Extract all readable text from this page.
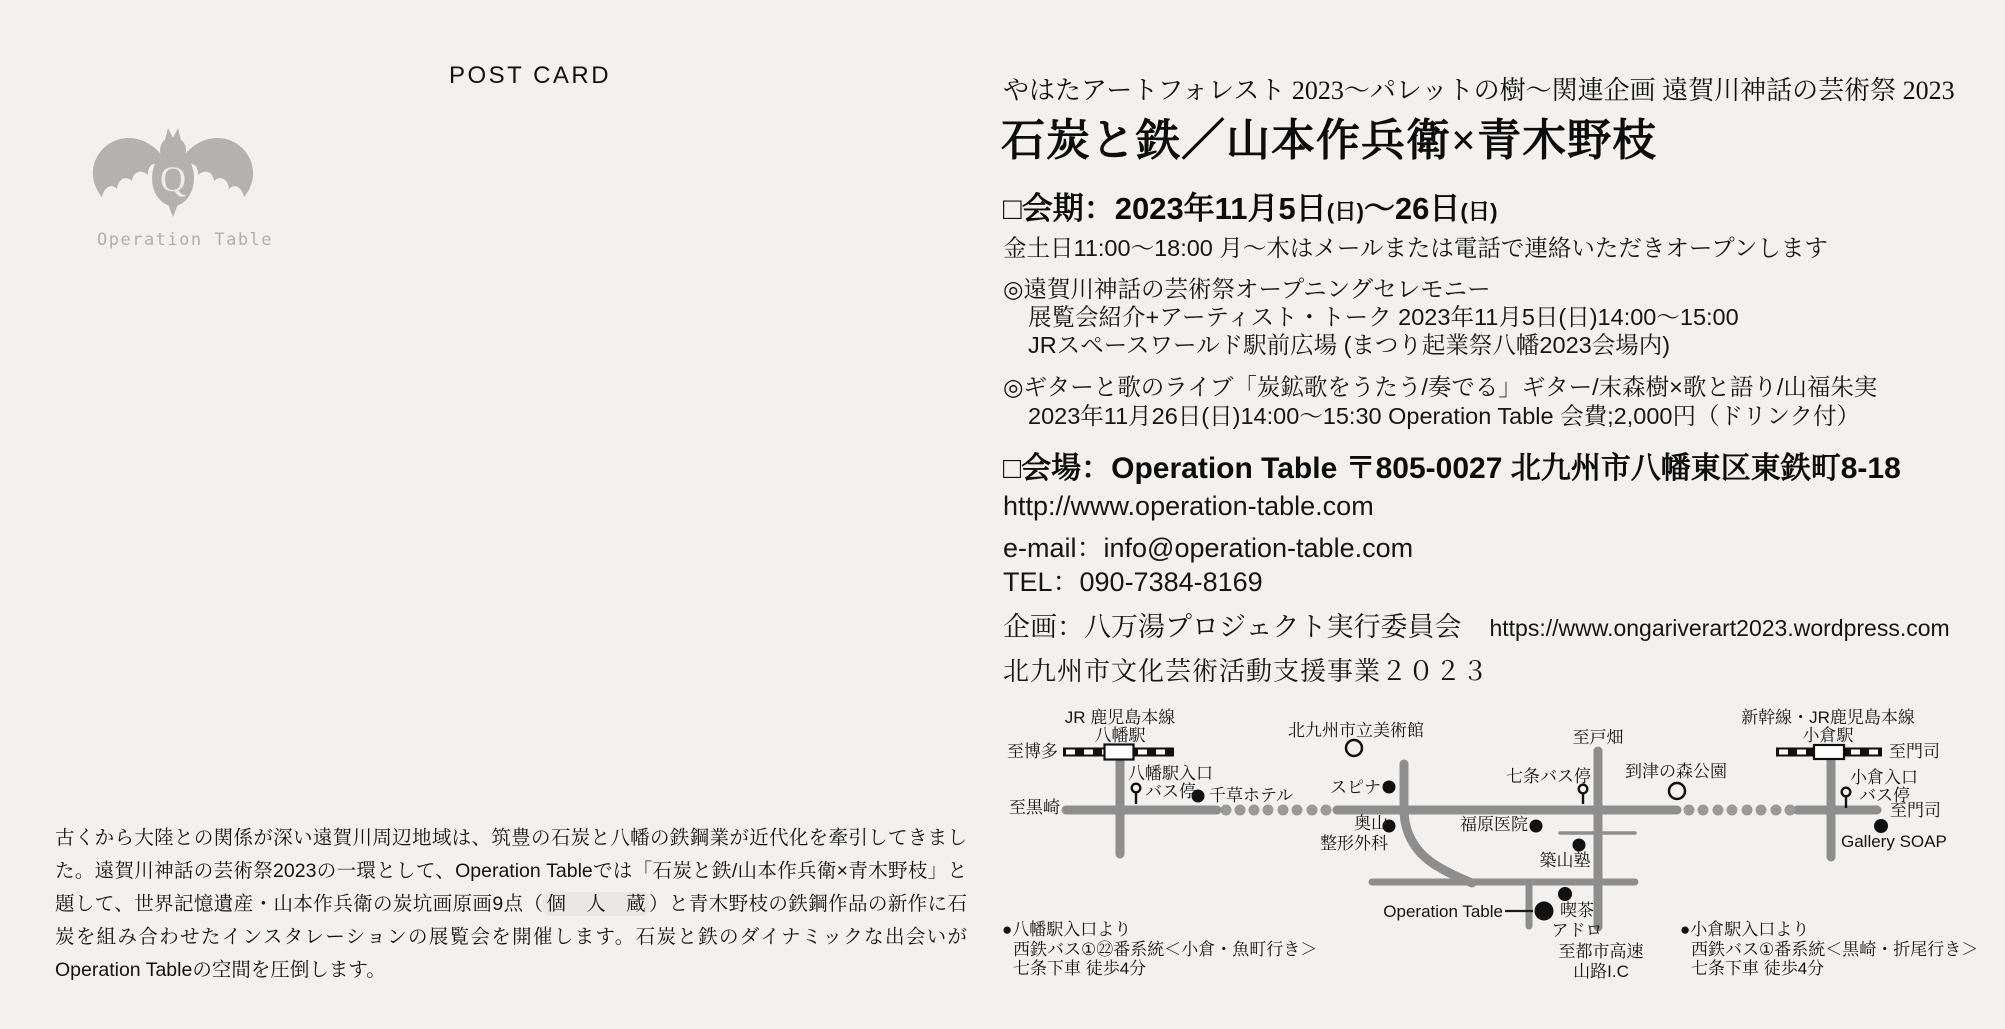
POST CARD
Q
Operation Table
古くから大陸との関係が深い遠賀川周辺地域は、筑豊の石炭と八幡の鉄鋼業が近代化を牽引してきました。遠賀川神話の芸術祭2023の一環として、Operation Tableでは「石炭と鉄/山本作兵衛×青木野枝」と題して、世界記憶遺産・山本作兵衛の炭坑画原画9点（ 個　人　蔵 ）と青木野枝の鉄鋼作品の新作に石炭を組み合わせたインスタレーションの展覧会を開催します。石炭と鉄のダイナミックな出会いがOperation Tableの空間を圧倒します。
やはたアートフォレスト 2023〜パレットの樹〜関連企画 遠賀川神話の芸術祭 2023
石炭と鉄／山本作兵衛×青木野枝
□会期：2023年11月5日(日)〜26日(日)
金土日11:00〜18:00 月〜木はメールまたは電話で連絡いただきオープンします
◎遠賀川神話の芸術祭オープニングセレモニー
展覧会紹介+アーティスト・トーク 2023年11月5日(日)14:00〜15:00
JRスペースワールド駅前広場 (まつり起業祭八幡2023会場内)
◎ギターと歌のライブ「炭鉱歌をうたう/奏でる」ギター/末森樹×歌と語り/山福朱実
2023年11月26日(日)14:00〜15:30 Operation Table 会費;2,000円（ドリンク付）
□会場：Operation Table 〒805-0027 北九州市八幡東区東鉄町8-18
http://www.operation-table.com
e-mail：info@operation-table.com
TEL：090-7384-8169
企画：八万湯プロジェクト実行委員会 https://www.ongariverart2023.wordpress.com
北九州市文化芸術活動支援事業２０２３
JR 鹿児島本線
八幡駅
至博多
至黒崎
八幡駅入口
バス停 千草ホテル
北九州市立美術館
スピナ
奥山
整形外科
福原医院
築山塾
至戸畑
七条バス停 到津の森公園
Operation Table	喫茶
アドロ
至都市高速
山路I.C
新幹線・JR鹿児島本線
小倉駅
至門司
小倉入口
バス停
至門司
Gallery SOAP
●八幡駅入口より
西鉄バス①㉒番系統＜小倉・魚町行き＞
七条下車 徒歩4分
●小倉駅入口より
西鉄バス①番系統＜黒崎・折尾行き＞
七条下車 徒歩4分
